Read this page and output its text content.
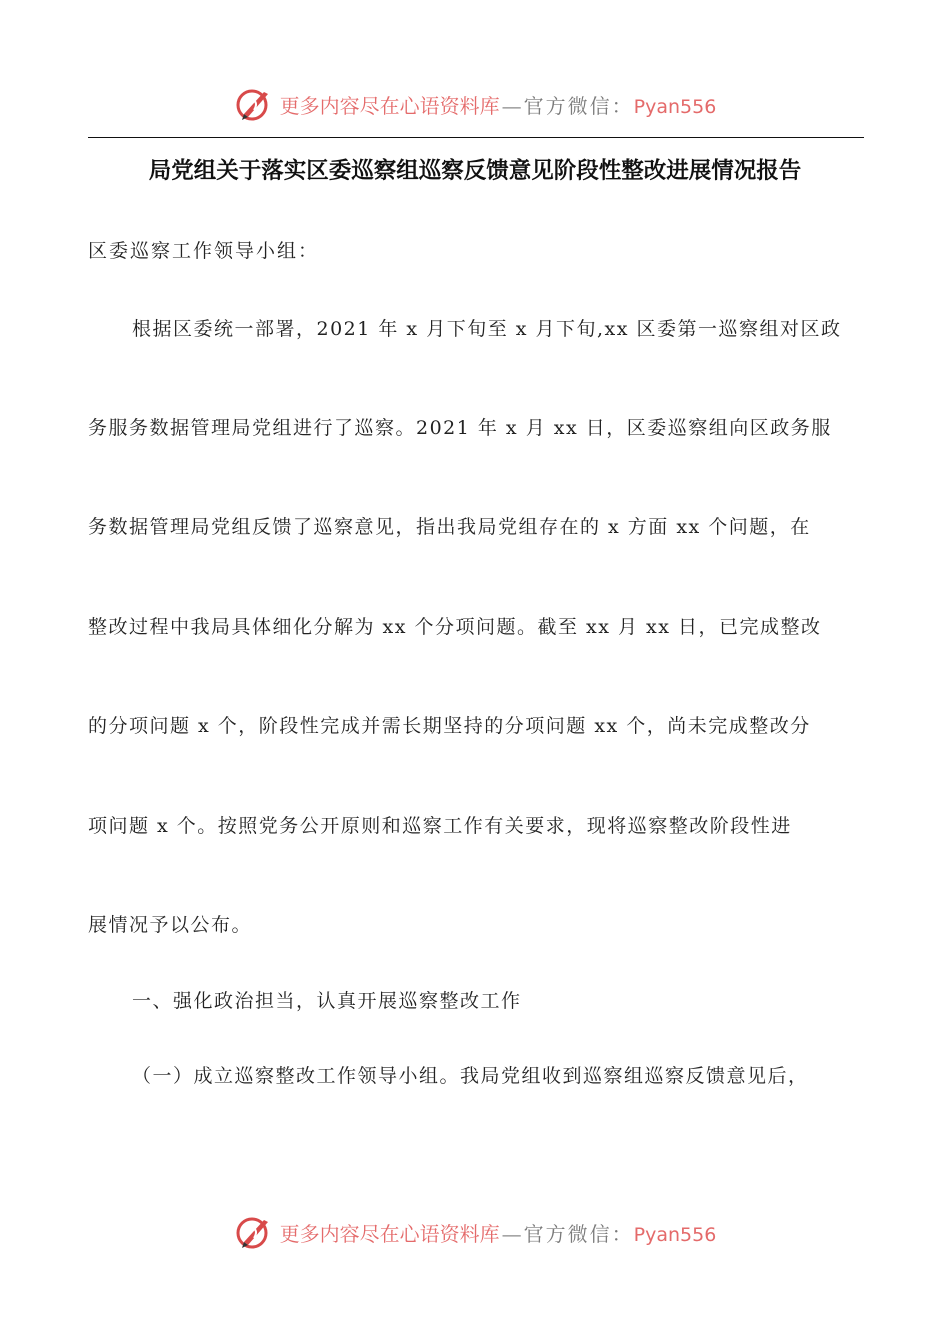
更多内容尽在心语资料库 — 官方微信：Pyan556
局党组关于落实区委巡察组巡察反馈意见阶段性整改进展情况报告
区委巡察工作领导小组：
根据区委统一部署，2021 年 x 月下旬至 x 月下旬,xx 区委第一巡察组对区政
务服务数据管理局党组进行了巡察。2021 年 x 月 xx 日，区委巡察组向区政务服
务数据管理局党组反馈了巡察意见，指出我局党组存在的 x 方面 xx 个问题，在
整改过程中我局具体细化分解为 xx 个分项问题。截至 xx 月 xx 日，已完成整改
的分项问题 x 个，阶段性完成并需长期坚持的分项问题 xx 个，尚未完成整改分
项问题 x 个。按照党务公开原则和巡察工作有关要求，现将巡察整改阶段性进
展情况予以公布。
一、强化政治担当，认真开展巡察整改工作
（一）成立巡察整改工作领导小组。我局党组收到巡察组巡察反馈意见后，
更多内容尽在心语资料库 — 官方微信：Pyan556
